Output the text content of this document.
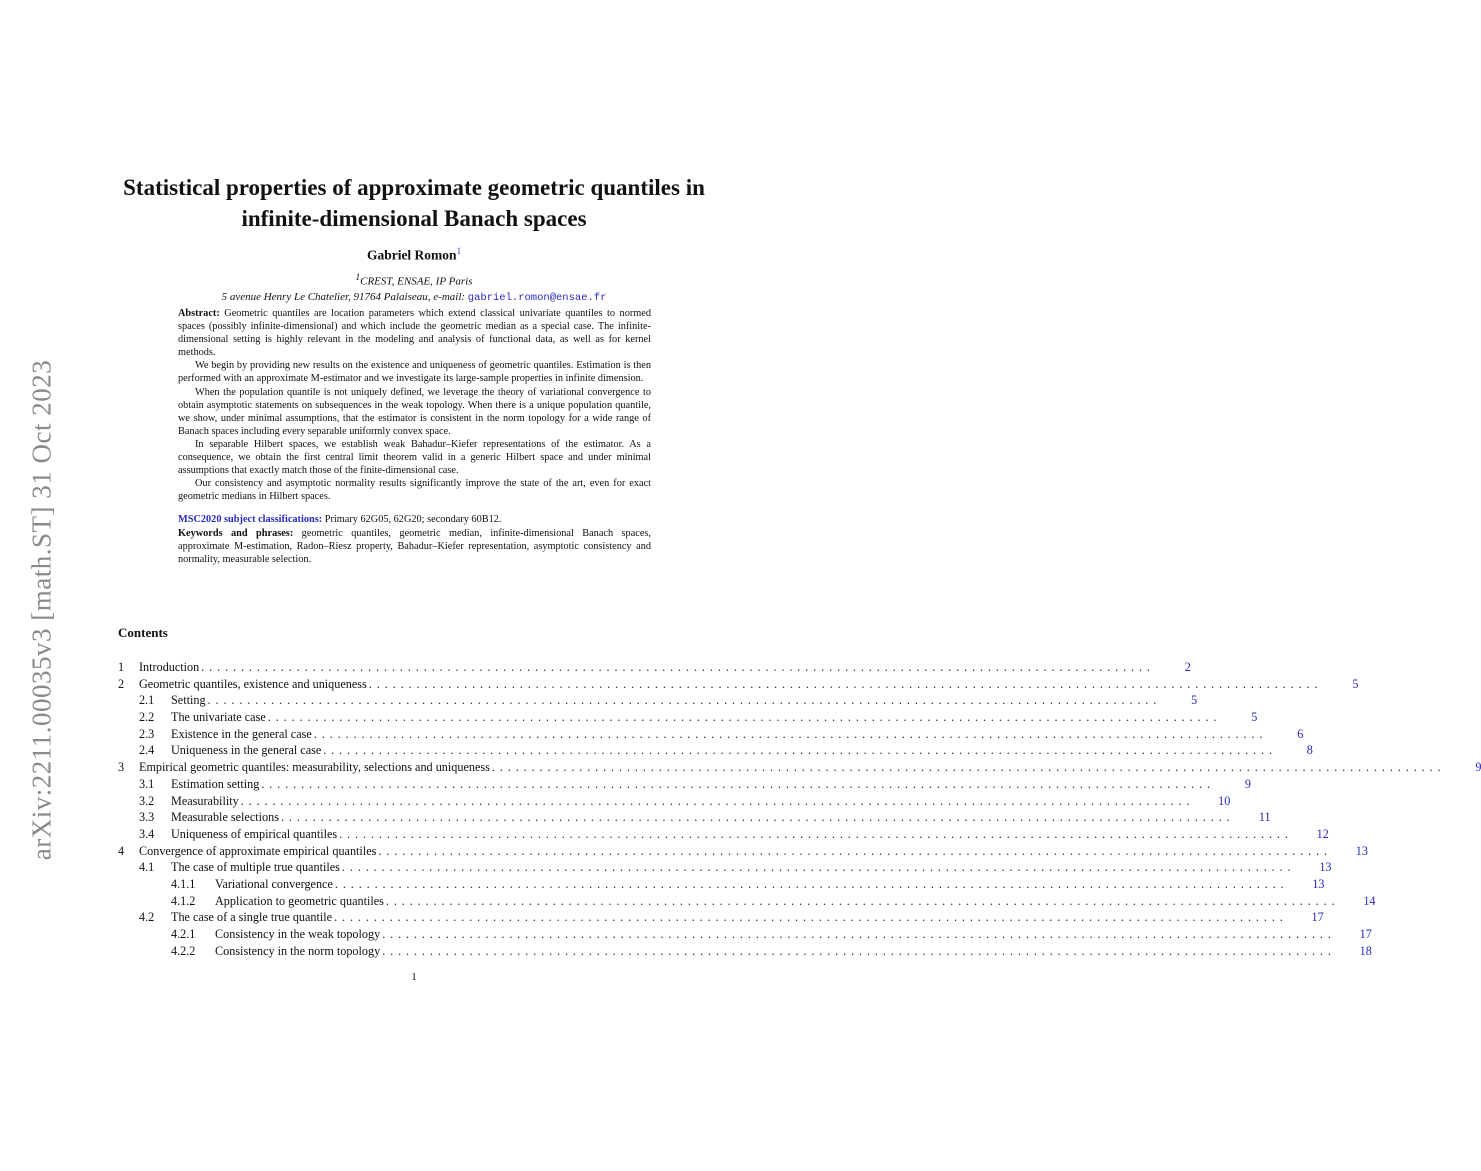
arXiv:2211.00035v3 [math.ST] 31 Oct 2023
Statistical properties of approximate geometric quantiles in infinite-dimensional Banach spaces
Gabriel Romon$^1$
$^1$CREST, ENSAE, IP Paris
5 avenue Henry Le Chatelier, 91764 Palaiseau, e-mail: gabriel.romon@ensae.fr

Abstract: Geometric quantiles are location parameters which extend classical univariate quantiles to normed spaces (possibly infinite-dimensional) and which include the geometric median as a special case. The infinite-dimensional setting is highly relevant in the modeling and analysis of functional data, as well as for kernel methods.

We begin by providing new results on the existence and uniqueness of geometric quantiles. Estimation is then performed with an approximate M-estimator and we investigate its large-sample properties in infinite dimension.

When the population quantile is not uniquely defined, we leverage the theory of variational convergence to obtain asymptotic statements on subsequences in the weak topology. When there is a unique population quantile, we show, under minimal assumptions, that the estimator is consistent in the norm topology for a wide range of Banach spaces including every separable uniformly convex space.

In separable Hilbert spaces, we establish weak Bahadur–Kiefer representations of the estimator. As a consequence, we obtain the first central limit theorem valid in a generic Hilbert space and under minimal assumptions that exactly match those of the finite-dimensional case.

Our consistency and asymptotic normality results significantly improve the state of the art, even for exact geometric medians in Hilbert spaces.

MSC2020 subject classifications: Primary 62G05, 62G20; secondary 60B12.

Keywords and phrases: geometric quantiles, geometric median, infinite-dimensional Banach spaces, approximate M-estimation, Radon–Riesz property, Bahadur–Kiefer representation, asymptotic consistency and normality, measurable selection.

Contents
1	Introduction ........................................................................................................................	2
2	Geometric quantiles, existence and uniqueness ........................................................................................................................	5
2.1	Setting ........................................................................................................................	5
2.2	The univariate case ........................................................................................................................	5
2.3	Existence in the general case ........................................................................................................................	6
2.4	Uniqueness in the general case ........................................................................................................................	8
3	Empirical geometric quantiles: measurability, selections and uniqueness ........................................................................................................................	9
3.1	Estimation setting ........................................................................................................................	9
3.2	Measurability ........................................................................................................................	10
3.3	Measurable selections ........................................................................................................................	11
3.4	Uniqueness of empirical quantiles ........................................................................................................................	12
4	Convergence of approximate empirical quantiles ........................................................................................................................	13
4.1	The case of multiple true quantiles ........................................................................................................................	13
4.1.1	Variational convergence ........................................................................................................................	13
4.1.2	Application to geometric quantiles ........................................................................................................................	14
4.2	The case of a single true quantile ........................................................................................................................	17
4.2.1	Consistency in the weak topology ........................................................................................................................	17
4.2.2	Consistency in the norm topology ........................................................................................................................	18
1
